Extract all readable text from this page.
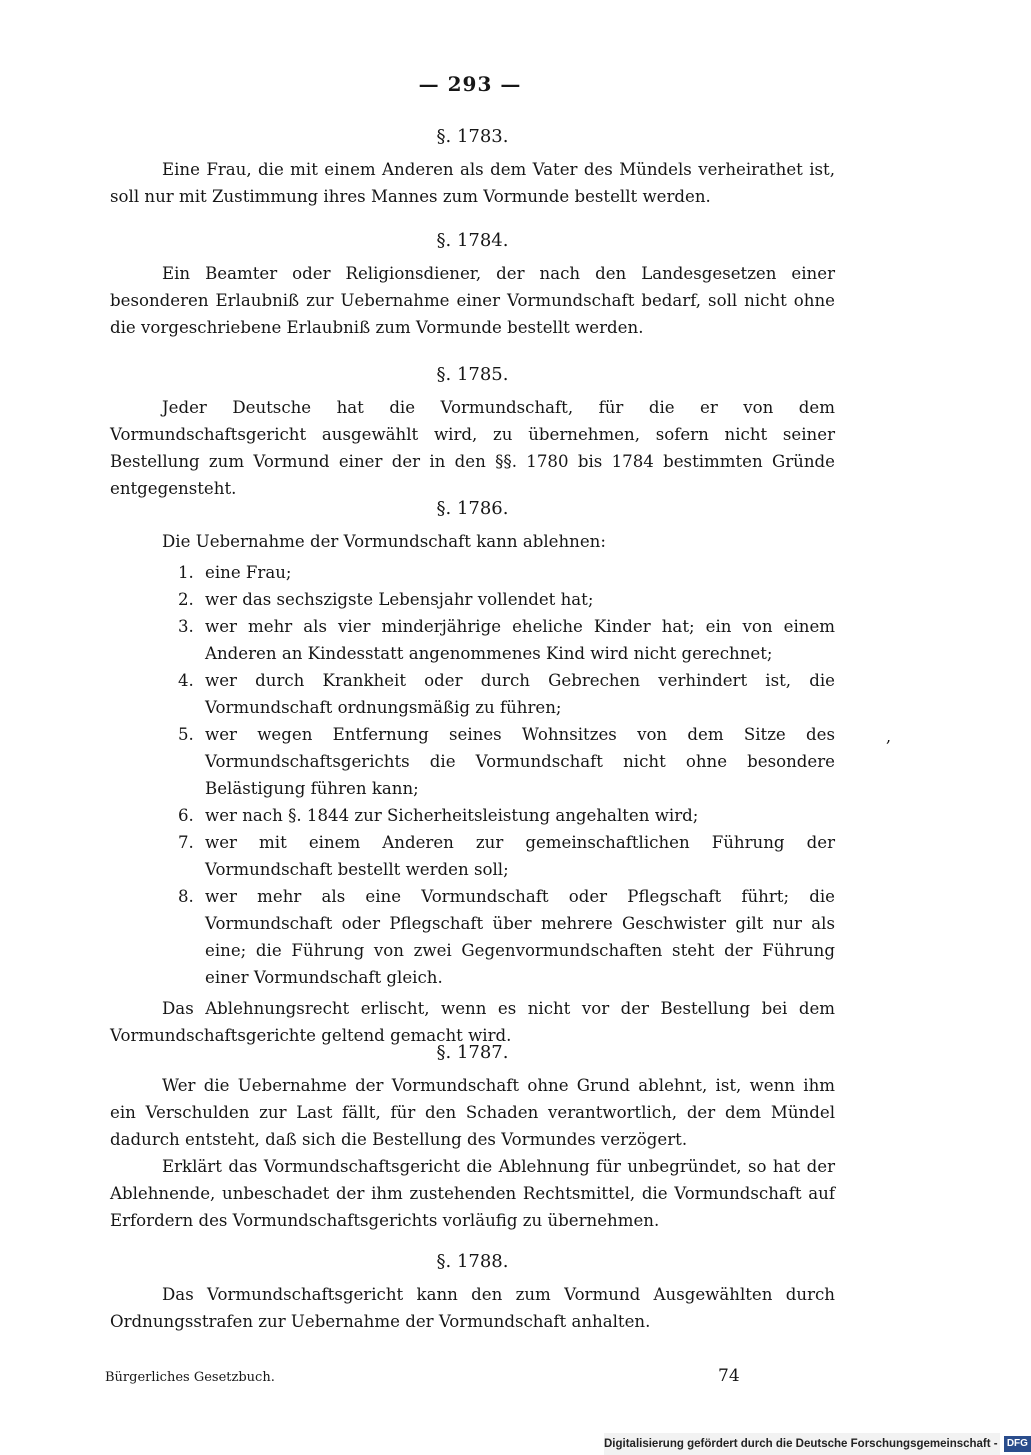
— 293 —
§. 1783.

Eine Frau, die mit einem Anderen als dem Vater des Mündels verheirathet ist, soll nur mit Zustimmung ihres Mannes zum Vormunde bestellt werden.

§. 1784.

Ein Beamter oder Religionsdiener, der nach den Landesgesetzen einer besonderen Erlaubniß zur Uebernahme einer Vormundschaft bedarf, soll nicht ohne die vorgeschriebene Erlaubniß zum Vormunde bestellt werden.

§. 1785.

Jeder Deutsche hat die Vormundschaft, für die er von dem Vormundschaftsgericht ausgewählt wird, zu übernehmen, sofern nicht seiner Bestellung zum Vormund einer der in den §§. 1780 bis 1784 bestimmten Gründe entgegensteht.

§. 1786.

Die Uebernahme der Vormundschaft kann ablehnen:

1. eine Frau;
2. wer das sechszigste Lebensjahr vollendet hat;
3. wer mehr als vier minderjährige eheliche Kinder hat; ein von einem Anderen an Kindesstatt angenommenes Kind wird nicht gerechnet;
4. wer durch Krankheit oder durch Gebrechen verhindert ist, die Vormundschaft ordnungsmäßig zu führen;
5. wer wegen Entfernung seines Wohnsitzes von dem Sitze des Vormundschaftsgerichts die Vormundschaft nicht ohne besondere Belästigung führen kann;
6. wer nach §. 1844 zur Sicherheitsleistung angehalten wird;
7. wer mit einem Anderen zur gemeinschaftlichen Führung der Vormundschaft bestellt werden soll;
8. wer mehr als eine Vormundschaft oder Pflegschaft führt; die Vormundschaft oder Pflegschaft über mehrere Geschwister gilt nur als eine; die Führung von zwei Gegenvormundschaften steht der Führung einer Vormundschaft gleich.

Das Ablehnungsrecht erlischt, wenn es nicht vor der Bestellung bei dem Vormundschaftsgerichte geltend gemacht wird.

§. 1787.

Wer die Uebernahme der Vormundschaft ohne Grund ablehnt, ist, wenn ihm ein Verschulden zur Last fällt, für den Schaden verantwortlich, der dem Mündel dadurch entsteht, daß sich die Bestellung des Vormundes verzögert.

Erklärt das Vormundschaftsgericht die Ablehnung für unbegründet, so hat der Ablehnende, unbeschadet der ihm zustehenden Rechtsmittel, die Vormundschaft auf Erfordern des Vormundschaftsgerichts vorläufig zu übernehmen.

§. 1788.

Das Vormundschaftsgericht kann den zum Vormund Ausgewählten durch Ordnungsstrafen zur Uebernahme der Vormundschaft anhalten.

,
Bürgerliches Gesetzbuch.	74
Digitalisierung gefördert durch die Deutsche Forschungsgemeinschaft - DFG
